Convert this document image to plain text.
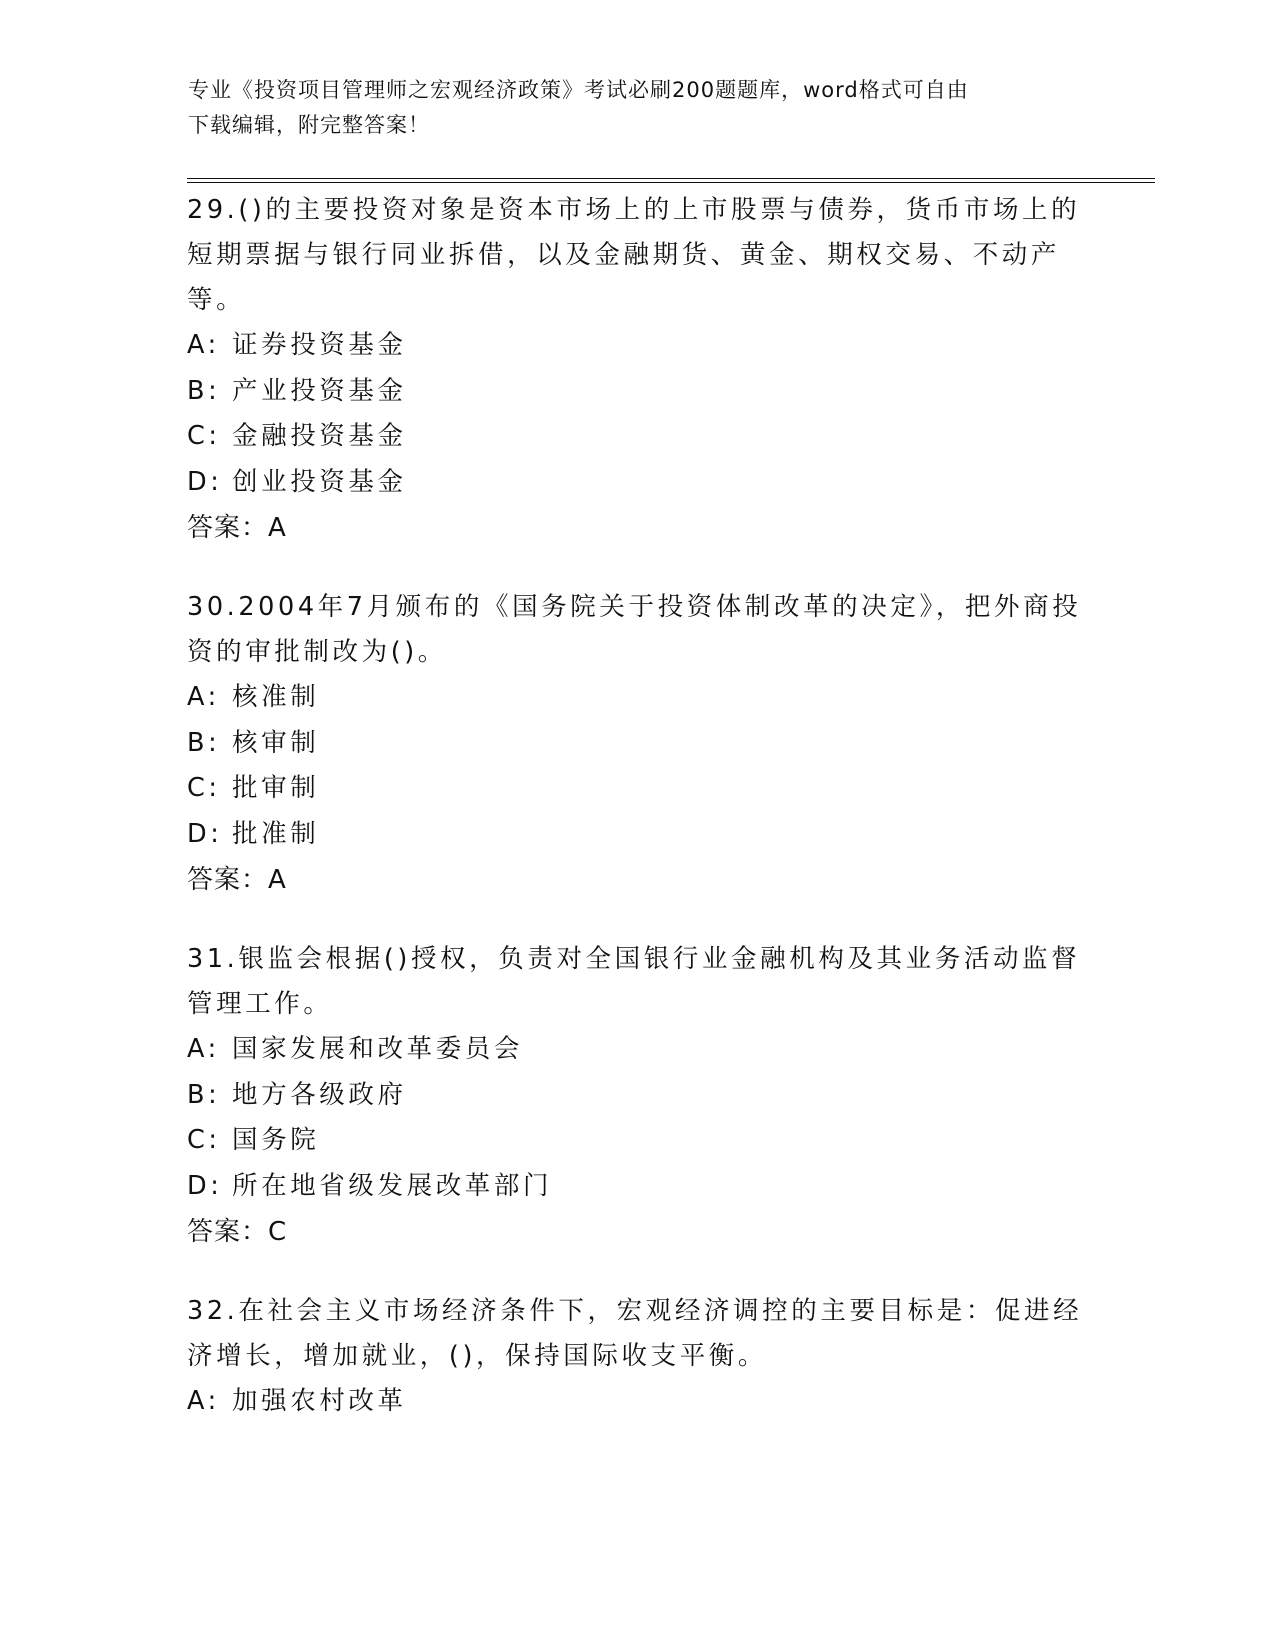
专业《投资项目管理师之宏观经济政策》考试必刷200题题库，word格式可自由
下载编辑，附完整答案！

29.()的主要投资对象是资本市场上的上市股票与债券，货币市场上的短期票据与银行同业拆借，以及金融期货、黄金、期权交易、不动产等。

A: 证券投资基金

B: 产业投资基金

C: 金融投资基金

D: 创业投资基金

答案：A

30.2004年7月颁布的《国务院关于投资体制改革的决定》，把外商投资的审批制改为()。

A: 核准制

B: 核审制

C: 批审制

D: 批准制

答案：A

31.银监会根据()授权，负责对全国银行业金融机构及其业务活动监督管理工作。

A: 国家发展和改革委员会

B: 地方各级政府

C: 国务院

D: 所在地省级发展改革部门

答案：C

32.在社会主义市场经济条件下，宏观经济调控的主要目标是：促进经济增长，增加就业，()，保持国际收支平衡。

A: 加强农村改革
